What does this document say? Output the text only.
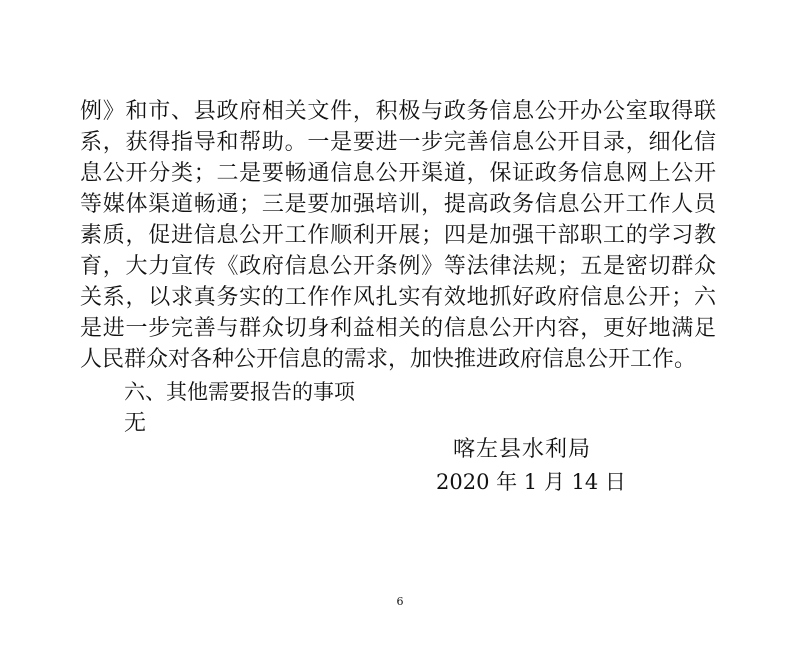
例》和市、县政府相关文件，积极与政务信息公开办公室取得联
系，获得指导和帮助。一是要进一步完善信息公开目录，细化信
息公开分类；二是要畅通信息公开渠道，保证政务信息网上公开
等媒体渠道畅通；三是要加强培训，提高政务信息公开工作人员
素质，促进信息公开工作顺利开展；四是加强干部职工的学习教
育，大力宣传《政府信息公开条例》等法律法规；五是密切群众
关系，以求真务实的工作作风扎实有效地抓好政府信息公开；六
是进一步完善与群众切身利益相关的信息公开内容，更好地满足
人民群众对各种公开信息的需求，加快推进政府信息公开工作。
六、其他需要报告的事项
无
喀左县水利局
2020 年 1 月 14 日
6
